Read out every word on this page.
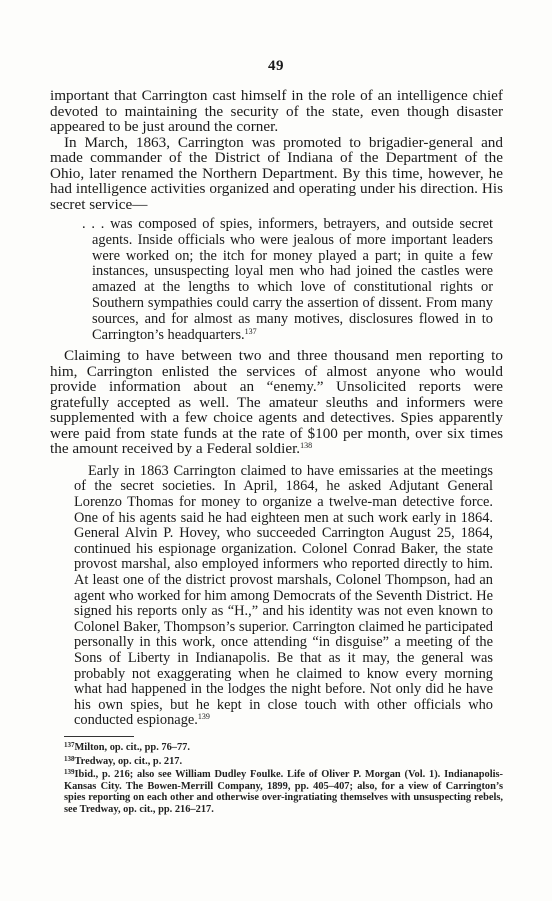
49

important that Carrington cast himself in the role of an intelligence chief devoted to maintaining the security of the state, even though disaster appeared to be just around the corner.

In March, 1863, Carrington was promoted to brigadier-general and made commander of the District of Indiana of the Department of the Ohio, later renamed the Northern Department. By this time, however, he had intelligence activities organized and operating under his direction. His secret service—

. . . was composed of spies, informers, betrayers, and outside secret agents. Inside officials who were jealous of more important leaders were worked on; the itch for money played a part; in quite a few instances, unsuspecting loyal men who had joined the castles were amazed at the lengths to which love of constitutional rights or Southern sympathies could carry the assertion of dissent. From many sources, and for almost as many motives, disclosures flowed in to Carrington’s headquarters.$^{137}$

Claiming to have between two and three thousand men reporting to him, Carrington enlisted the services of almost anyone who would provide information about an “enemy.” Unsolicited reports were gratefully accepted as well. The amateur sleuths and informers were supplemented with a few choice agents and detectives. Spies apparently were paid from state funds at the rate of $100 per month, over six times the amount received by a Federal soldier.$^{138}$

Early in 1863 Carrington claimed to have emissaries at the meetings of the secret societies. In April, 1864, he asked Adjutant General Lorenzo Thomas for money to organize a twelve-man detective force. One of his agents said he had eighteen men at such work early in 1864. General Alvin P. Hovey, who succeeded Carrington August 25, 1864, continued his espionage organization. Colonel Conrad Baker, the state provost marshal, also employed informers who reported directly to him. At least one of the district provost marshals, Colonel Thompson, had an agent who worked for him among Democrats of the Seventh District. He signed his reports only as “H.,” and his identity was not even known to Colonel Baker, Thompson’s superior. Carrington claimed he participated personally in this work, once attending “in disguise” a meeting of the Sons of Liberty in Indianapolis. Be that as it may, the general was probably not exaggerating when he claimed to know every morning what had happened in the lodges the night before. Not only did he have his own spies, but he kept in close touch with other officials who conducted espionage.$^{139}$

$^{137}$Milton, op. cit., pp. 76–77.

$^{138}$Tredway, op. cit., p. 217.

$^{139}$Ibid., p. 216; also see William Dudley Foulke. Life of Oliver P. Morgan (Vol. 1). Indianapolis-Kansas City. The Bowen-Merrill Company, 1899, pp. 405–407; also, for a view of Carrington’s spies reporting on each other and otherwise over-ingratiating themselves with unsuspecting rebels, see Tredway, op. cit., pp. 216–217.
